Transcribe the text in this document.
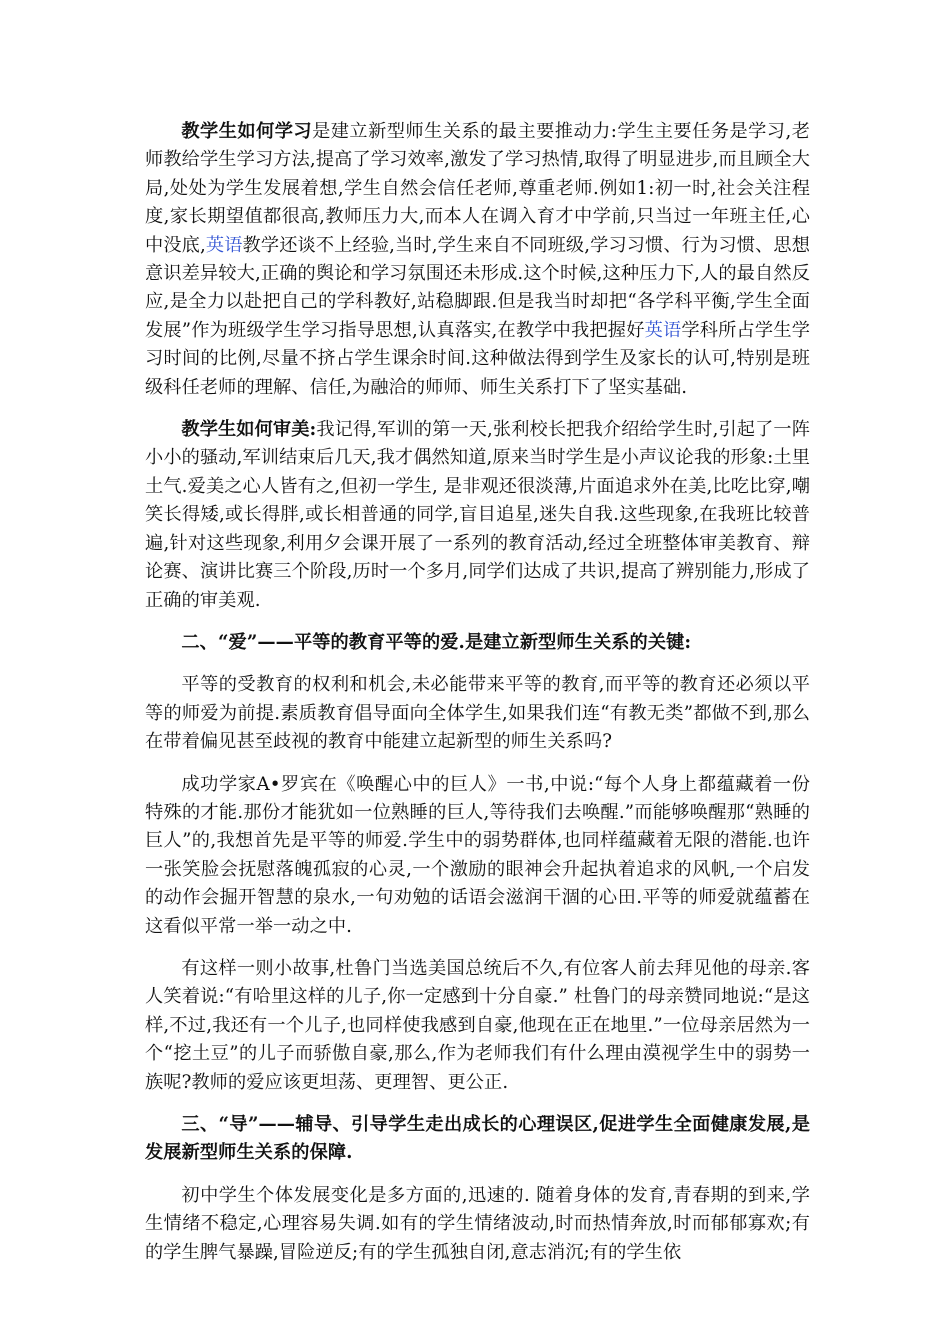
教学生如何学习是建立新型师生关系的最主要推动力:学生主要任务是学习,老师教给学生学习方法,提高了学习效率,激发了学习热情,取得了明显进步,而且顾全大局,处处为学生发展着想,学生自然会信任老师,尊重老师.例如1:初一时,社会关注程度,家长期望值都很高,教师压力大,而本人在调入育才中学前,只当过一年班主任,心中没底,英语教学还谈不上经验,当时,学生来自不同班级,学习习惯、行为习惯、思想意识差异较大,正确的舆论和学习氛围还未形成.这个时候,这种压力下,人的最自然反应,是全力以赴把自己的学科教好,站稳脚跟.但是我当时却把“各学科平衡,学生全面发展”作为班级学生学习指导思想,认真落实,在教学中我把握好英语学科所占学生学习时间的比例,尽量不挤占学生课余时间.这种做法得到学生及家长的认可,特别是班级科任老师的理解、信任,为融洽的师师、师生关系打下了坚实基础.

教学生如何审美:我记得,军训的第一天,张利校长把我介绍给学生时,引起了一阵小小的骚动,军训结束后几天,我才偶然知道,原来当时学生是小声议论我的形象:土里土气.爱美之心人皆有之,但初一学生, 是非观还很淡薄,片面追求外在美,比吃比穿,嘲笑长得矮,或长得胖,或长相普通的同学,盲目追星,迷失自我.这些现象,在我班比较普遍,针对这些现象,利用夕会课开展了一系列的教育活动,经过全班整体审美教育、辩论赛、演讲比赛三个阶段,历时一个多月,同学们达成了共识,提高了辨别能力,形成了正确的审美观.

二、“爱”——平等的教育平等的爱.是建立新型师生关系的关键:

平等的受教育的权利和机会,未必能带来平等的教育,而平等的教育还必须以平等的师爱为前提.素质教育倡导面向全体学生,如果我们连“有教无类”都做不到,那么在带着偏见甚至歧视的教育中能建立起新型的师生关系吗?

成功学家A•罗宾在《唤醒心中的巨人》一书,中说:“每个人身上都蕴藏着一份特殊的才能.那份才能犹如一位熟睡的巨人,等待我们去唤醒.”而能够唤醒那“熟睡的巨人”的,我想首先是平等的师爱.学生中的弱势群体,也同样蕴藏着无限的潜能.也许一张笑脸会抚慰落魄孤寂的心灵,一个激励的眼神会升起执着追求的风帆,一个启发的动作会掘开智慧的泉水,一句劝勉的话语会滋润干涸的心田.平等的师爱就蕴蓄在这看似平常一举一动之中.

有这样一则小故事,杜鲁门当选美国总统后不久,有位客人前去拜见他的母亲.客人笑着说:“有哈里这样的儿子,你一定感到十分自豪.” 杜鲁门的母亲赞同地说:“是这样,不过,我还有一个儿子,也同样使我感到自豪,他现在正在地里.”一位母亲居然为一个“挖土豆”的儿子而骄傲自豪,那么,作为老师我们有什么理由漠视学生中的弱势一族呢?教师的爱应该更坦荡、更理智、更公正.

三、“导”——辅导、引导学生走出成长的心理误区,促进学生全面健康发展,是发展新型师生关系的保障.

初中学生个体发展变化是多方面的,迅速的. 随着身体的发育,青春期的到来,学生情绪不稳定,心理容易失调.如有的学生情绪波动,时而热情奔放,时而郁郁寡欢;有的学生脾气暴躁,冒险逆反;有的学生孤独自闭,意志消沉;有的学生依
